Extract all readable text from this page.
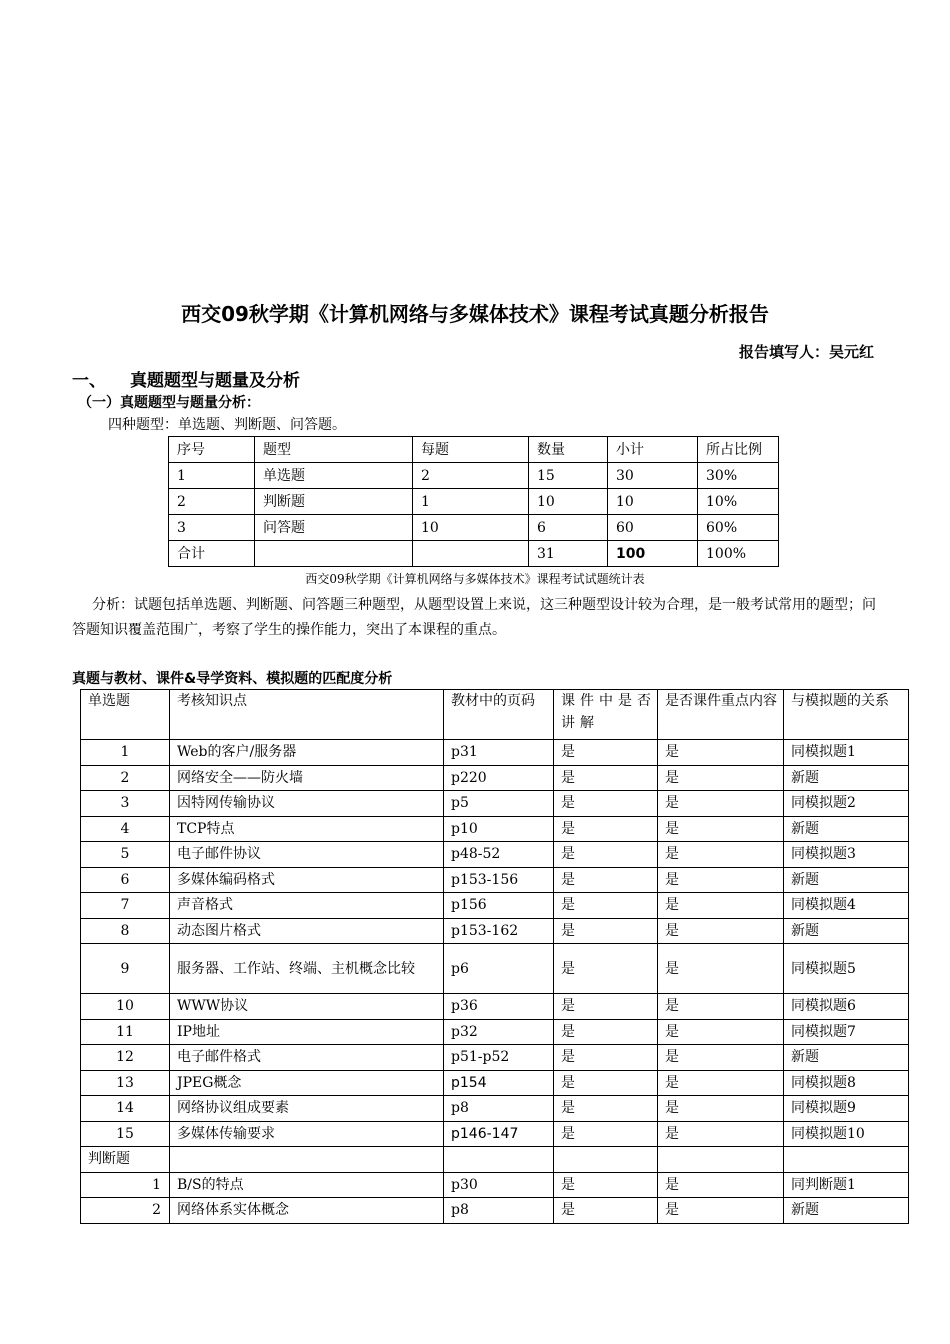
西交09秋学期《计算机网络与多媒体技术》课程考试真题分析报告
报告填写人：吴元红
一、 真题题型与题量及分析
（一）真题题型与题量分析：
四种题型：单选题、判断题、问答题。
序号	题型	每题	数量	小计	所占比例
1	单选题	2	15	30	30%
2	判断题	1	10	10	10%
3	问答题	10	6	60	60%
合计			31	100	100%
西交09秋学期《计算机网络与多媒体技术》课程考试试题统计表
分析：试题包括单选题、判断题、问答题三种题型，从题型设置上来说，这三种题型设计较为合理，是一般考试常用的题型；问答题知识覆盖范围广，考察了学生的操作能力，突出了本课程的重点。
真题与教材、课件&导学资料、模拟题的匹配度分析
单选题	考核知识点	教材中的页码	课件中是否讲解	是否课件重点内容	与模拟题的关系
1	Web的客户/服务器	p31	是	是	同模拟题1
2	网络安全——防火墙	p220	是	是	新题
3	因特网传输协议	p5	是	是	同模拟题2
4	TCP特点	p10	是	是	新题
5	电子邮件协议	p48-52	是	是	同模拟题3
6	多媒体编码格式	p153-156	是	是	新题
7	声音格式	p156	是	是	同模拟题4
8	动态图片格式	p153-162	是	是	新题
9	服务器、工作站、终端、主机概念比较	p6	是	是	同模拟题5
10	WWW协议	p36	是	是	同模拟题6
11	IP地址	p32	是	是	同模拟题7
12	电子邮件格式	p51-p52	是	是	新题
13	JPEG概念	p154	是	是	同模拟题8
14	网络协议组成要素	p8	是	是	同模拟题9
15	多媒体传输要求	p146-147	是	是	同模拟题10
判断题					
1	B/S的特点	p30	是	是	同判断题1
2	网络体系实体概念	p8	是	是	新题
